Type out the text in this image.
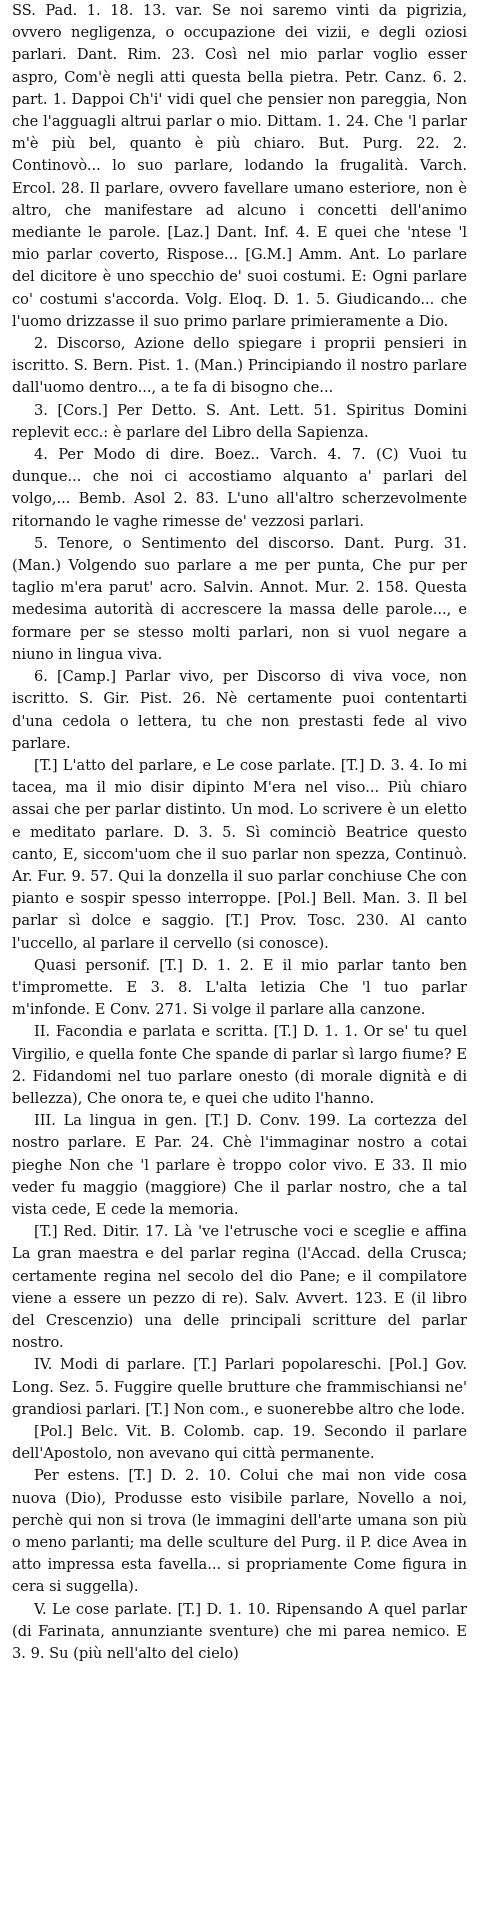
SS. Pad. 1. 18. 13. var. Se noi saremo vinti da pigrizia, ovvero negligenza, o occupazione dei vizii, e degli oziosi parlari. Dant. Rim. 23. Così nel mio parlar voglio esser aspro, Com'è negli atti questa bella pietra. Petr. Canz. 6. 2. part. 1. Dappoi Ch'i' vidi quel che pensier non pareggia, Non che l'agguagli altrui parlar o mio. Dittam. 1. 24. Che 'l parlar m'è più bel, quanto è più chiaro. But. Purg. 22. 2. Continovò... lo suo parlare, lodando la frugalità. Varch. Ercol. 28. Il parlare, ovvero favellare umano esteriore, non è altro, che manifestare ad alcuno i concetti dell'animo mediante le parole. [Laz.] Dant. Inf. 4. E quei che 'ntese 'l mio parlar coverto, Rispose... [G.M.] Amm. Ant. Lo parlare del dicitore è uno specchio de' suoi costumi. E: Ogni parlare co' costumi s'accorda. Volg. Eloq. D. 1. 5. Giudicando... che l'uomo drizzasse il suo primo parlare primieramente a Dio.

2. Discorso, Azione dello spiegare i proprii pensieri in iscritto. S. Bern. Pist. 1. (Man.) Principiando il nostro parlare dall'uomo dentro..., a te fa di bisogno che...

3. [Cors.] Per Detto. S. Ant. Lett. 51. Spiritus Domini replevit ecc.: è parlare del Libro della Sapienza.

4. Per Modo di dire. Boez.. Varch. 4. 7. (C) Vuoi tu dunque... che noi ci accostiamo alquanto a' parlari del volgo,... Bemb. Asol 2. 83. L'uno all'altro scherzevolmente ritornando le vaghe rimesse de' vezzosi parlari.

5. Tenore, o Sentimento del discorso. Dant. Purg. 31. (Man.) Volgendo suo parlare a me per punta, Che pur per taglio m'era parut' acro. Salvin. Annot. Mur. 2. 158. Questa medesima autorità di accrescere la massa delle parole..., e formare per se stesso molti parlari, non si vuol negare a niuno in lingua viva.

6. [Camp.] Parlar vivo, per Discorso di viva voce, non iscritto. S. Gir. Pist. 26. Nè certamente puoi contentarti d'una cedola o lettera, tu che non prestasti fede al vivo parlare.

[T.] L'atto del parlare, e Le cose parlate. [T.] D. 3. 4. Io mi tacea, ma il mio disir dipinto M'era nel viso... Più chiaro assai che per parlar distinto. Un mod. Lo scrivere è un eletto e meditato parlare. D. 3. 5. Sì cominciò Beatrice questo canto, E, siccom'uom che il suo parlar non spezza, Continuò. Ar. Fur. 9. 57. Qui la donzella il suo parlar conchiuse Che con pianto e sospir spesso interroppe. [Pol.] Bell. Man. 3. Il bel parlar sì dolce e saggio. [T.] Prov. Tosc. 230. Al canto l'uccello, al parlare il cervello (si conosce).

Quasi personif. [T.] D. 1. 2. E il mio parlar tanto ben t'impromette. E 3. 8. L'alta letizia Che 'l tuo parlar m'infonde. E Conv. 271. Si volge il parlare alla canzone.

II. Facondia e parlata e scritta. [T.] D. 1. 1. Or se' tu quel Virgilio, e quella fonte Che spande di parlar sì largo fiume? E 2. Fidandomi nel tuo parlare onesto (di morale dignità e di bellezza), Che onora te, e quei che udito l'hanno.

III. La lingua in gen. [T.] D. Conv. 199. La cortezza del nostro parlare. E Par. 24. Chè l'immaginar nostro a cotai pieghe Non che 'l parlare è troppo color vivo. E 33. Il mio veder fu maggio (maggiore) Che il parlar nostro, che a tal vista cede, E cede la memoria.

[T.] Red. Ditir. 17. Là 've l'etrusche voci e sceglie e affina La gran maestra e del parlar regina (l'Accad. della Crusca; certamente regina nel secolo del dio Pane; e il compilatore viene a essere un pezzo di re). Salv. Avvert. 123. E (il libro del Crescenzio) una delle principali scritture del parlar nostro.

IV. Modi di parlare. [T.] Parlari popolareschi. [Pol.] Gov. Long. Sez. 5. Fuggire quelle brutture che frammischiansi ne' grandiosi parlari. [T.] Non com., e suonerebbe altro che lode.

[Pol.] Belc. Vit. B. Colomb. cap. 19. Secondo il parlare dell'Apostolo, non avevano qui città permanente.

Per estens. [T.] D. 2. 10. Colui che mai non vide cosa nuova (Dio), Produsse esto visibile parlare, Novello a noi, perchè qui non si trova (le immagini dell'arte umana son più o meno parlanti; ma delle sculture del Purg. il P. dice Avea in atto impressa esta favella... si propriamente Come figura in cera si suggella).

V. Le cose parlate. [T.] D. 1. 10. Ripensando A quel parlar (di Farinata, annunziante sventure) che mi parea nemico. E 3. 9. Su (più nell'alto del cielo)
